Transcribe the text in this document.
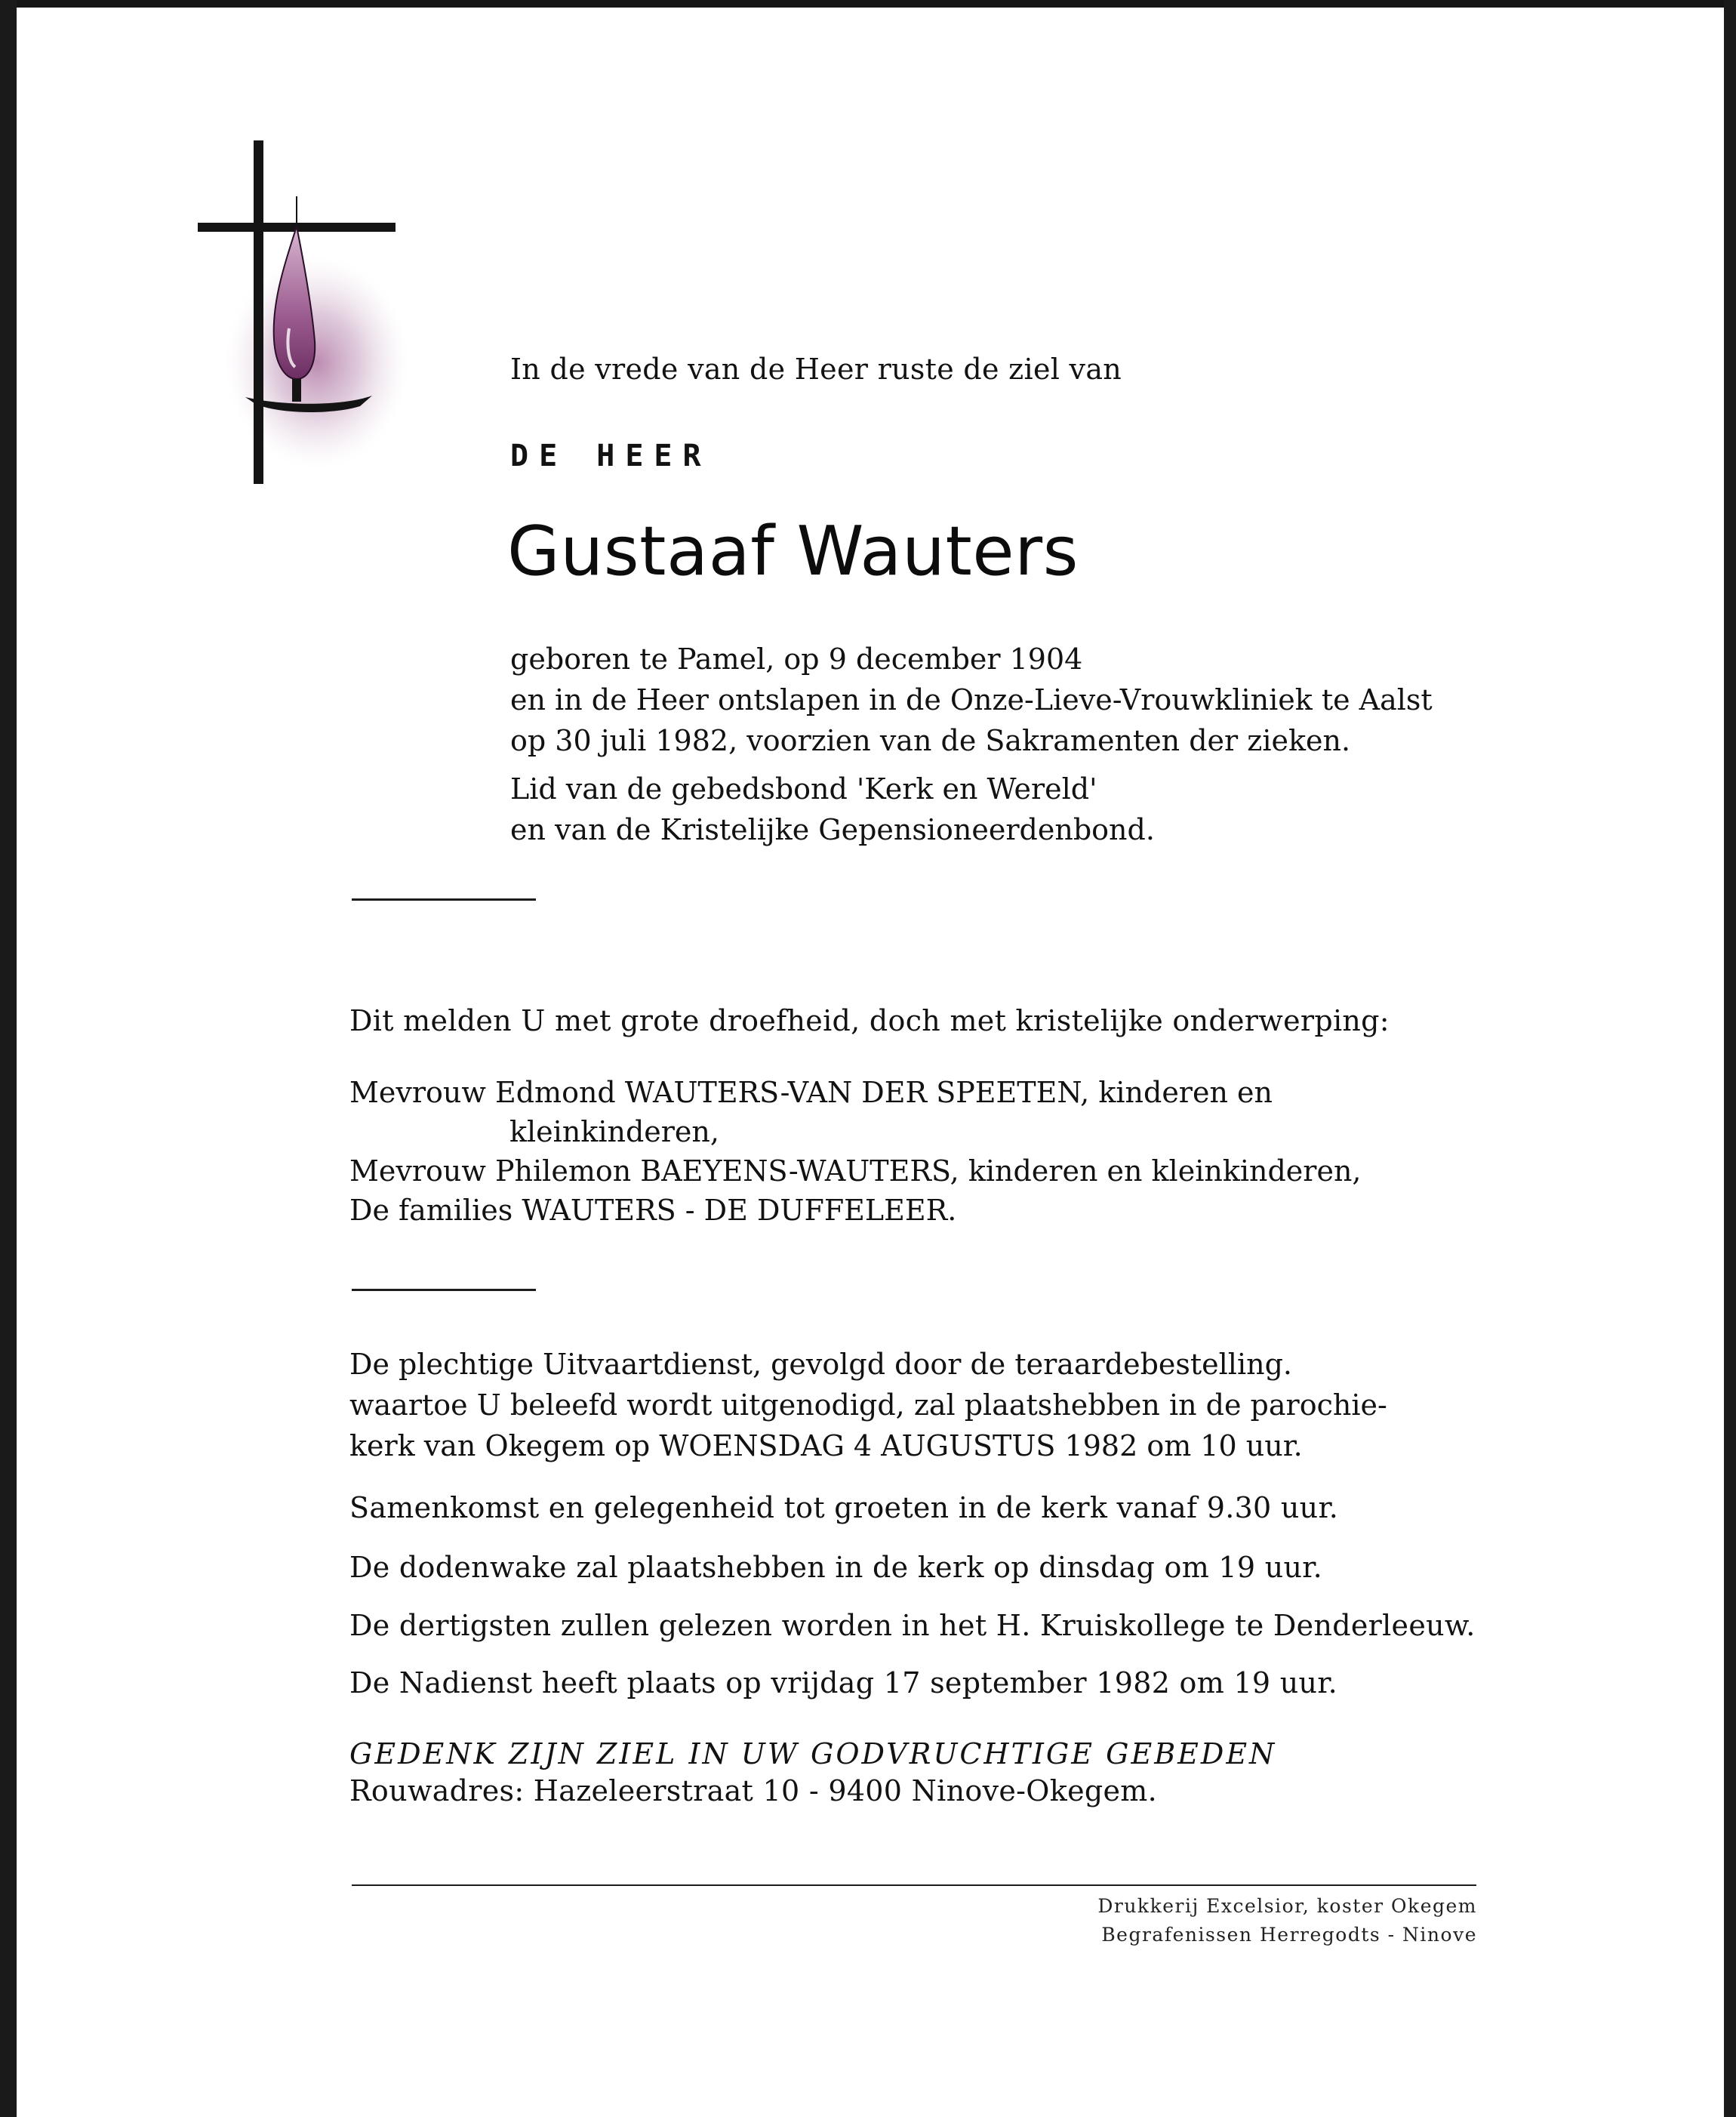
In de vrede van de Heer ruste de ziel van
DE HEER
Gustaaf Wauters
geboren te Pamel, op 9 december 1904
en in de Heer ontslapen in de Onze-Lieve-Vrouwkliniek te Aalst
op 30 juli 1982, voorzien van de Sakramenten der zieken.
Lid van de gebedsbond 'Kerk en Wereld'
en van de Kristelijke Gepensioneerdenbond.
Dit melden U met grote droefheid, doch met kristelijke onderwerping:
Mevrouw Edmond WAUTERS-VAN DER SPEETEN, kinderen en
kleinkinderen,
Mevrouw Philemon BAEYENS-WAUTERS, kinderen en kleinkinderen,
De families WAUTERS - DE DUFFELEER.
De plechtige Uitvaartdienst, gevolgd door de teraardebestelling.
waartoe U beleefd wordt uitgenodigd, zal plaatshebben in de parochie-
kerk van Okegem op WOENSDAG 4 AUGUSTUS 1982 om 10 uur.
Samenkomst en gelegenheid tot groeten in de kerk vanaf 9.30 uur.
De dodenwake zal plaatshebben in de kerk op dinsdag om 19 uur.
De dertigsten zullen gelezen worden in het H. Kruiskollege te Denderleeuw.
De Nadienst heeft plaats op vrijdag 17 september 1982 om 19 uur.
GEDENK ZIJN ZIEL IN UW GODVRUCHTIGE GEBEDEN
Rouwadres: Hazeleerstraat 10 - 9400 Ninove-Okegem.
Drukkerij Excelsior, koster Okegem
Begrafenissen Herregodts - Ninove
